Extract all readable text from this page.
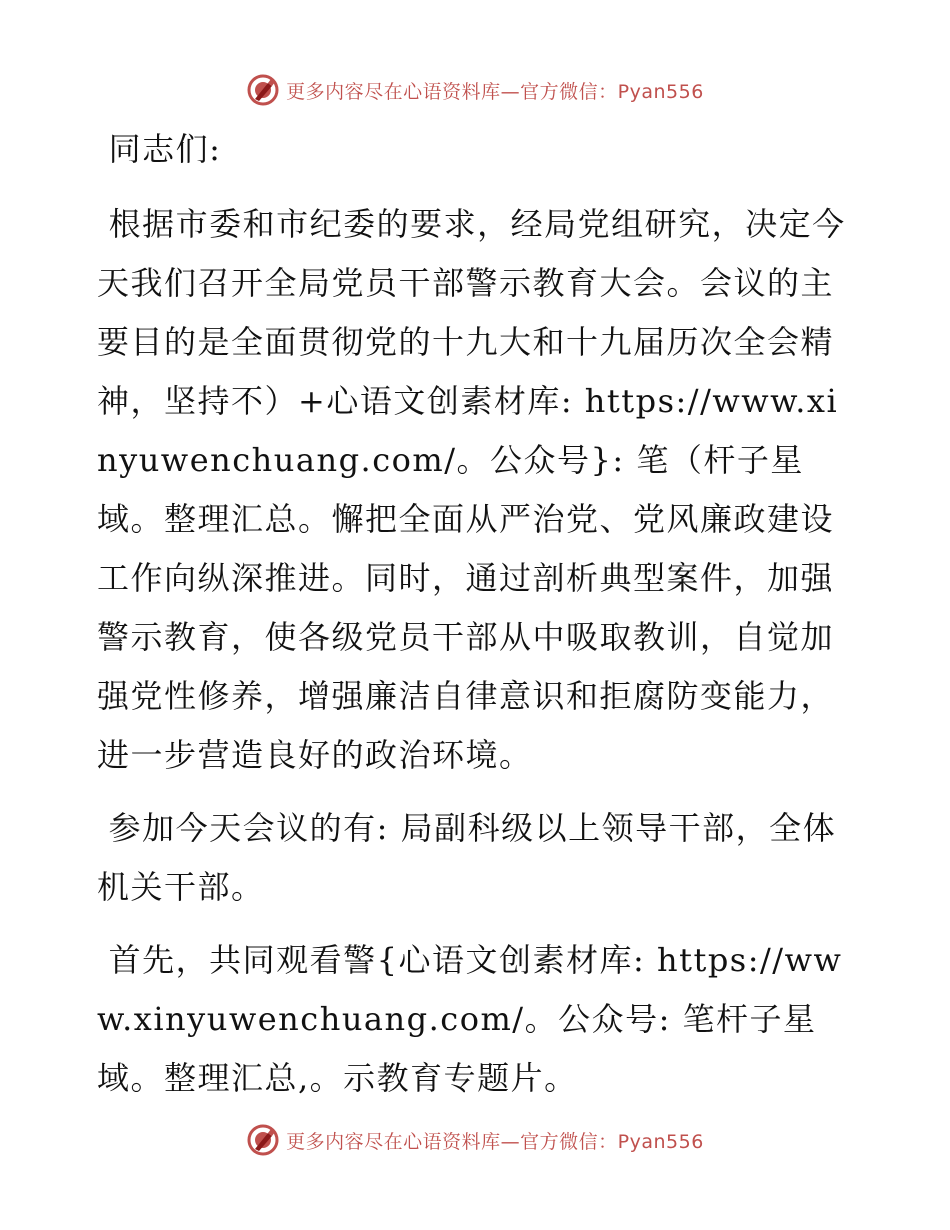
更多内容尽在心语资料库—官方微信：Pyan556

同志们:

根据市委和市纪委的要求，经局党组研究，决定今天我们召开全局党员干部警示教育大会。会议的主要目的是全面贯彻党的十九大和十九届历次全会精神，坚持不）+心语文创素材库: https://www.xinyuwenchuang.com/。公众号}: 笔（杆子星域。整理汇总。懈把全面从严治党、党风廉政建设工作向纵深推进。同时，通过剖析典型案件，加强警示教育，使各级党员干部从中吸取教训，自觉加强党性修养，增强廉洁自律意识和拒腐防变能力，进一步营造良好的政治环境。

参加今天会议的有: 局副科级以上领导干部，全体机关干部。

首先，共同观看警{心语文创素材库: https://www.xinyuwenchuang.com/。公众号: 笔杆子星域。整理汇总,。示教育专题片。

更多内容尽在心语资料库—官方微信：Pyan556
